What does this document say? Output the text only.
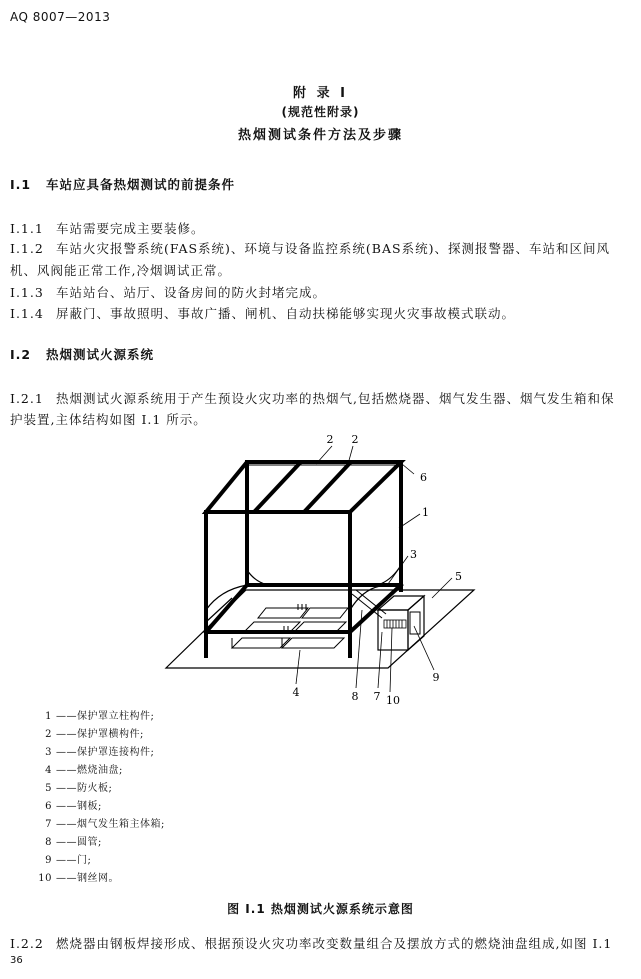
AQ 8007—2013
附 录 I
(规范性附录)
热烟测试条件方法及步骤
I.1 车站应具备热烟测试的前提条件
I.1.1 车站需要完成主要装修。
I.1.2 车站火灾报警系统(FAS系统)、环境与设备监控系统(BAS系统)、探测报警器、车站和区间风
机、风阀能正常工作,冷烟调试正常。
I.1.3 车站站台、站厅、设备房间的防火封堵完成。
I.1.4 屏蔽门、事故照明、事故广播、闸机、自动扶梯能够实现火灾事故模式联动。
I.2 热烟测试火源系统
I.2.1 热烟测试火源系统用于产生预设火灾功率的热烟气,包括燃烧器、烟气发生器、烟气发生箱和保
护装置,主体结构如图 I.1 所示。
2 2
6
1
3
5
4	8 7 10
9
1 ——保护罩立柱构件;
2 ——保护罩横构件;
3 ——保护罩连接构件;
4 ——燃烧油盘;
5 ——防火板;
6 ——钢板;
7 ——烟气发生箱主体箱;
8 ——圆管;
9 ——门;
10 ——钢丝网。
图 I.1 热烟测试火源系统示意图
I.2.2 燃烧器由钢板焊接形成、根据预设火灾功率改变数量组合及摆放方式的燃烧油盘组成,如图 I.1
36
